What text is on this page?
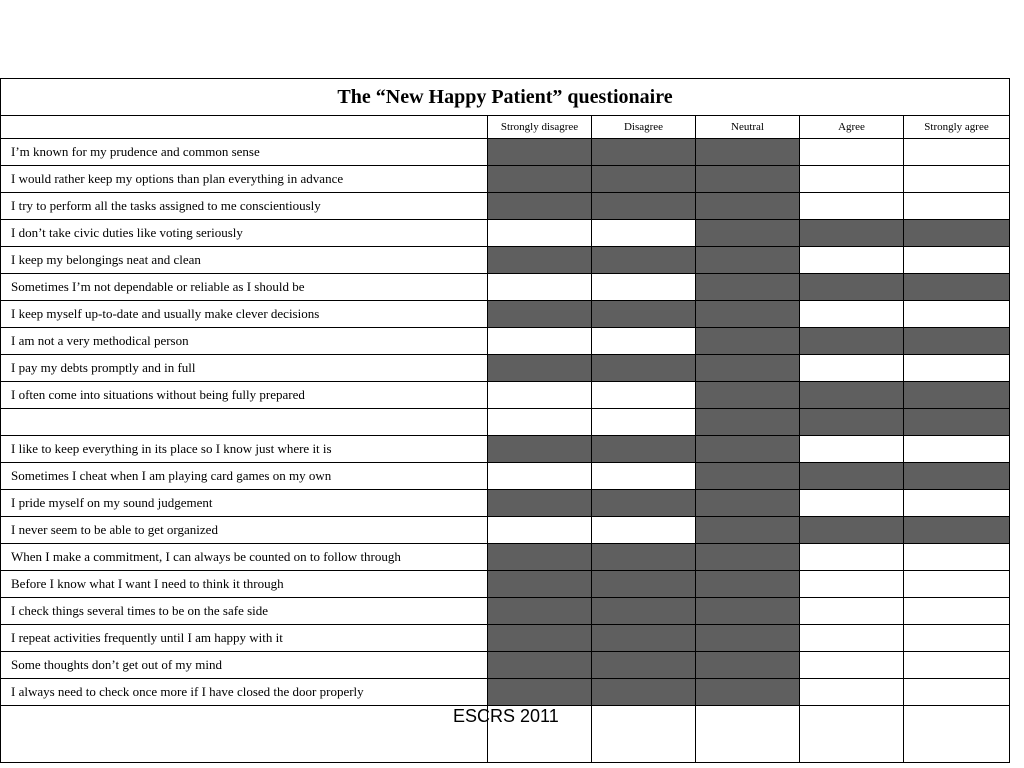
The “New Happy Patient” questionaire					
	Strongly disagree	Disagree	Neutral	Agree	Strongly agree
I’m known for my prudence and common sense					
I would rather keep my options than plan everything in advance					
I try to perform all the tasks assigned to me conscientiously					
I don’t take civic duties like voting seriously					
I keep my belongings neat and clean					
Sometimes I’m not dependable or reliable as I should be					
I keep myself up-to-date and usually make clever decisions					
I am not a very methodical person					
I pay my debts promptly and in full					
I often come into situations without being fully prepared					

I like to keep everything in its place so I know just where it is					
Sometimes I cheat when I am playing card games on my own					
I pride myself on my sound judgement					
I never seem to be able to get organized					
When I make a commitment, I can always be counted on to follow through					
Before I know what I want I need to think it through					
I check things several times to be on the safe side					
I repeat activities frequently until I am happy with it					
Some thoughts don’t get out of my mind					
I always need to check once more if I have closed the door properly					

ESCRS 2011
